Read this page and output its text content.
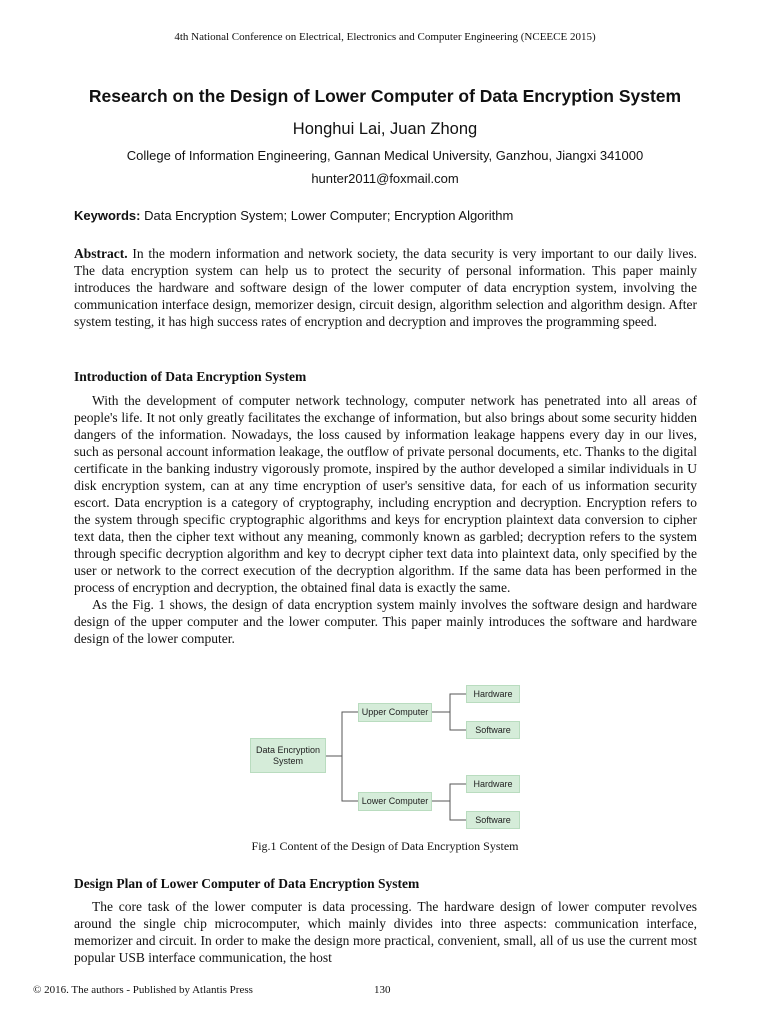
4th National Conference on Electrical, Electronics and Computer Engineering (NCEECE 2015)
Research on the Design of Lower Computer of Data Encryption System
Honghui Lai, Juan Zhong
College of Information Engineering, Gannan Medical University, Ganzhou, Jiangxi 341000
hunter2011@foxmail.com
Keywords: Data Encryption System; Lower Computer; Encryption Algorithm
Abstract. In the modern information and network society, the data security is very important to our daily lives. The data encryption system can help us to protect the security of personal information. This paper mainly introduces the hardware and software design of the lower computer of data encryption system, involving the communication interface design, memorizer design, circuit design, algorithm selection and algorithm design. After system testing, it has high success rates of encryption and decryption and improves the programming speed.
Introduction of Data Encryption System

With the development of computer network technology, computer network has penetrated into all areas of people's life. It not only greatly facilitates the exchange of information, but also brings about some security hidden dangers of the information. Nowadays, the loss caused by information leakage happens every day in our lives, such as personal account information leakage, the outflow of private personal documents, etc. Thanks to the digital certificate in the banking industry vigorously promote, inspired by the author developed a similar individuals in U disk encryption system, can at any time encryption of user's sensitive data, for each of us information security escort. Data encryption is a category of cryptography, including encryption and decryption. Encryption refers to the system through specific cryptographic algorithms and keys for encryption plaintext data conversion to cipher text data, then the cipher text without any meaning, commonly known as garbled; decryption refers to the system through specific decryption algorithm and key to decrypt cipher text data into plaintext data, only specified by the user or network to the correct execution of the decryption algorithm. If the same data has been performed in the process of encryption and decryption, the obtained final data is exactly the same.

As the Fig. 1 shows, the design of data encryption system mainly involves the software design and hardware design of the upper computer and the lower computer. This paper mainly introduces the software and hardware design of the lower computer.

Data Encryption System
Upper Computer
Lower Computer
Hardware
Software
Hardware
Software
Fig.1 Content of the Design of Data Encryption System
Design Plan of Lower Computer of Data Encryption System

The core task of the lower computer is data processing. The hardware design of lower computer revolves around the single chip microcomputer, which mainly divides into three aspects: communication interface, memorizer and circuit. In order to make the design more practical, convenient, small, all of us use the current most popular USB interface communication, the host

© 2016. The authors - Published by Atlantis Press	130
